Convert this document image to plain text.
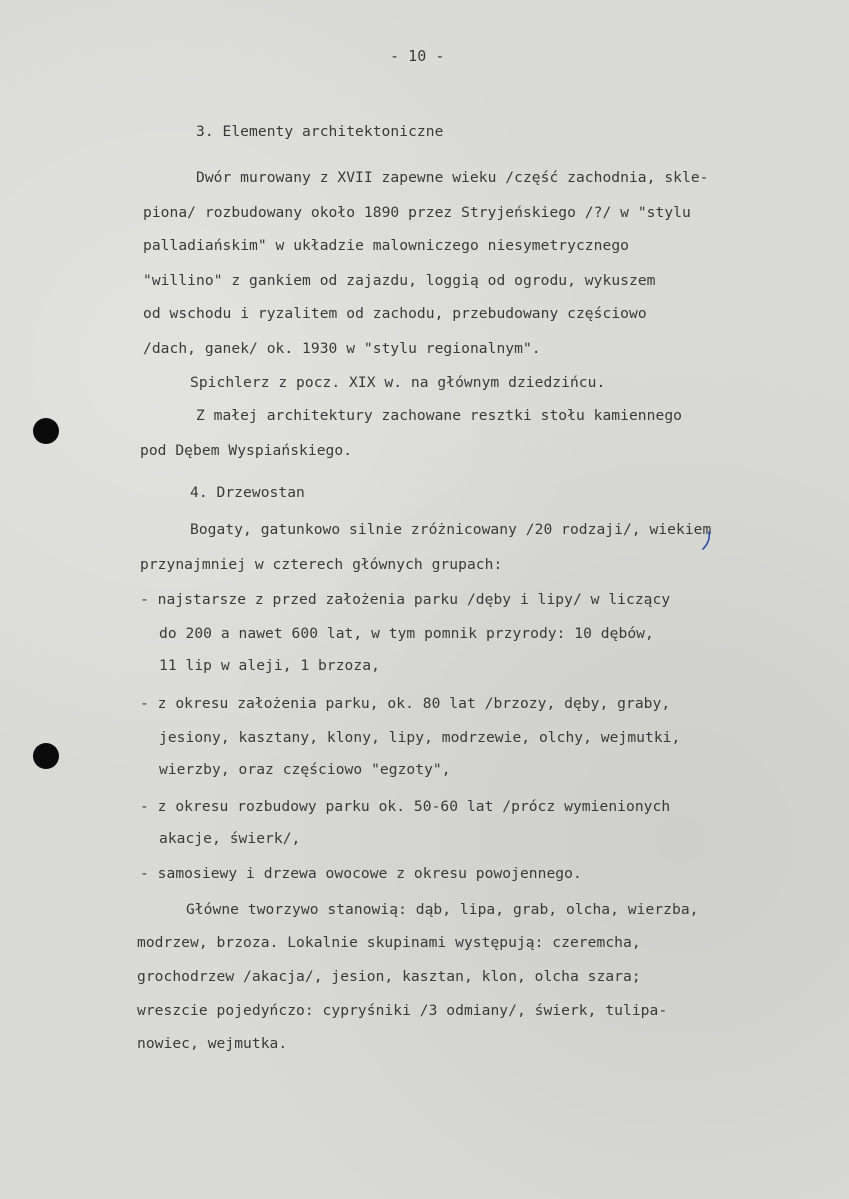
- 10 -
3. Elementy architektoniczne
Dwór murowany z XVII zapewne wieku /część zachodnia, skle-
piona/ rozbudowany około 1890 przez Stryjeńskiego /?/ w "stylu
palladiańskim" w układzie malowniczego niesymetrycznego
"willino" z gankiem od zajazdu, loggią od ogrodu, wykuszem
od wschodu i ryzalitem od zachodu, przebudowany częściowo
/dach, ganek/ ok. 1930 w "stylu regionalnym".
Spichlerz z pocz. XIX w. na głównym dziedzińcu.
Z małej architektury zachowane resztki stołu kamiennego
pod Dębem Wyspiańskiego.
4. Drzewostan
Bogaty, gatunkowo silnie zróżnicowany /20 rodzaji/, wiekiem
przynajmniej w czterech głównych grupach:
- najstarsze z przed założenia parku /dęby i lipy/ w liczący
do 200 a nawet 600 lat, w tym pomnik przyrody: 10 dębów,
11 lip w aleji, 1 brzoza,
- z okresu założenia parku, ok. 80 lat /brzozy, dęby, graby,
jesiony, kasztany, klony, lipy, modrzewie, olchy, wejmutki,
wierzby, oraz częściowo "egzoty",
- z okresu rozbudowy parku ok. 50-60 lat /prócz wymienionych
akacje, świerk/,
- samosiewy i drzewa owocowe z okresu powojennego.
Główne tworzywo stanowią: dąb, lipa, grab, olcha, wierzba,
modrzew, brzoza. Lokalnie skupinami występują: czeremcha,
grochodrzew /akacja/, jesion, kasztan, klon, olcha szara;
wreszcie pojedyńczo: cypryśniki /3 odmiany/, świerk, tulipa-
nowiec, wejmutka.
